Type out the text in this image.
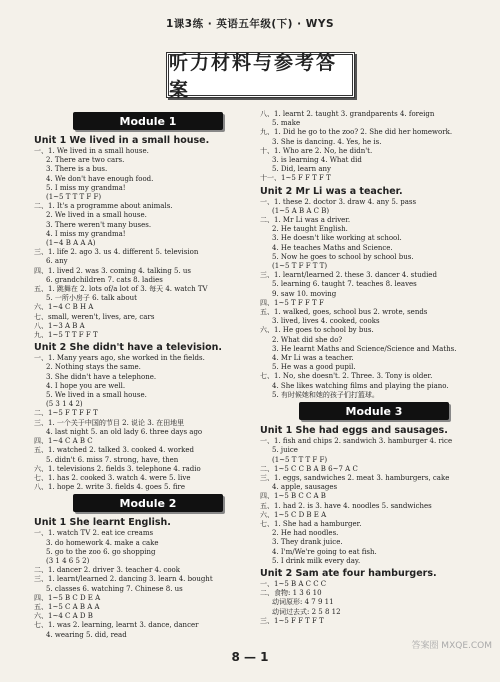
1课3练 · 英语五年级(下) · WYS
听力材料与参考答案
Module 1
Unit 1 We lived in a small house.
一、1. We lived in a small house.
2. There are two cars.
3. There is a bus.
4. We don't have enough food.
5. I miss my grandma!
(1~5 T T T F F)
二、1. It's a programme about animals.
2. We lived in a small house.
3. There weren't many buses.
4. I miss my grandma!
(1~4 B A A A)
三、1. life 2. ago 3. us 4. different 5. television
6. any
四、1. lived 2. was 3. coming 4. talking 5. us
6. grandchildren 7. cats 8. ladies
五、1. 跳舞在 2. lots of/a lot of 3. 每天 4. watch TV
5. 一所小房子 6. talk about
六、1~4 C B H A
七、small, weren't, lives, are, cars
八、1~3 A B A
九、1~5 T T F F T
Unit 2 She didn't have a television.
一、1. Many years ago, she worked in the fields.
2. Nothing stays the same.
3. She didn't have a telephone.
4. I hope you are well.
5. We lived in a small house.
(5 3 1 4 2)
二、1~5 F T F F T
三、1. 一个关于中国的节目 2. 说论 3. 在田地里
4. last night 5. an old lady 6. three days ago
四、1~4 C A B C
五、1. watched 2. talked 3. cooked 4. worked
5. didn't 6. miss 7. strong, have, then
六、1. televisions 2. fields 3. telephone 4. radio
七、1. has 2. cooked 3. watch 4. were 5. live
八、1. hope 2. write 3. fields 4. goes 5. fire
Module 2
Unit 1 She learnt English.
一、1. watch TV 2. eat ice creams
3. do homework 4. make a cake
5. go to the zoo 6. go shopping
(3 1 4 6 5 2)
二、1. dancer 2. driver 3. teacher 4. cook
三、1. learnt/learned 2. dancing 3. learn 4. bought
5. classes 6. watching 7. Chinese 8. us
四、1~5 B C D E A
五、1~5 C A B A A
六、1~4 C A D B
七、1. was 2. learning, learnt 3. dance, dancer
4. wearing 5. did, read
八、1. learnt 2. taught 3. grandparents 4. foreign
5. make
九、1. Did he go to the zoo? 2. She did her homework.
3. She is dancing. 4. Yes, he is.
十、1. Who are 2. No, he didn't.
3. is learning 4. What did
5. Did, learn any
十一、1~5 F F T F T
Unit 2 Mr Li was a teacher.
一、1. these 2. doctor 3. draw 4. any 5. pass
(1~5 A B A C B)
二、1. Mr Li was a driver.
2. He taught English.
3. He doesn't like working at school.
4. He teaches Maths and Science.
5. Now he goes to school by school bus.
(1~5 T F F T T)
三、1. learnt/learned 2. these 3. dancer 4. studied
5. learning 6. taught 7. teaches 8. leaves
9. saw 10. moving
四、1~5 T F F T F
五、1. walked, goes, school bus 2. wrote, sends
3. lived, lives 4. cooked, cooks
六、1. He goes to school by bus.
2. What did she do?
3. He learnt Maths and Science/Science and Maths.
4. Mr Li was a teacher.
5. He was a good pupil.
七、1. No, she doesn't. 2. Three. 3. Tony is older.
4. She likes watching films and playing the piano.
5. 有时候她和她的孩子们打篮球。
Module 3
Unit 1 She had eggs and sausages.
一、1. fish and chips 2. sandwich 3. hamburger 4. rice
5. juice
(1~5 T T T F F)
二、1~5 C C B A B 6~7 A C
三、1. eggs, sandwiches 2. meat 3. hamburgers, cake
4. apple, sausages
四、1~5 B C C A B
五、1. had 2. is 3. have 4. noodles 5. sandwiches
六、1~5 C D B E A
七、1. She had a hamburger.
2. He had noodles.
3. They drank juice.
4. I'm/We're going to eat fish.
5. I drink milk every day.
Unit 2 Sam ate four hamburgers.
一、1~5 B A C C C
二、食物: 1 3 6 10
动词原形: 4 7 9 11
动词过去式: 2 5 8 12
三、1~5 F F T F T
8 — 1
答案圈 MXQE.COM
